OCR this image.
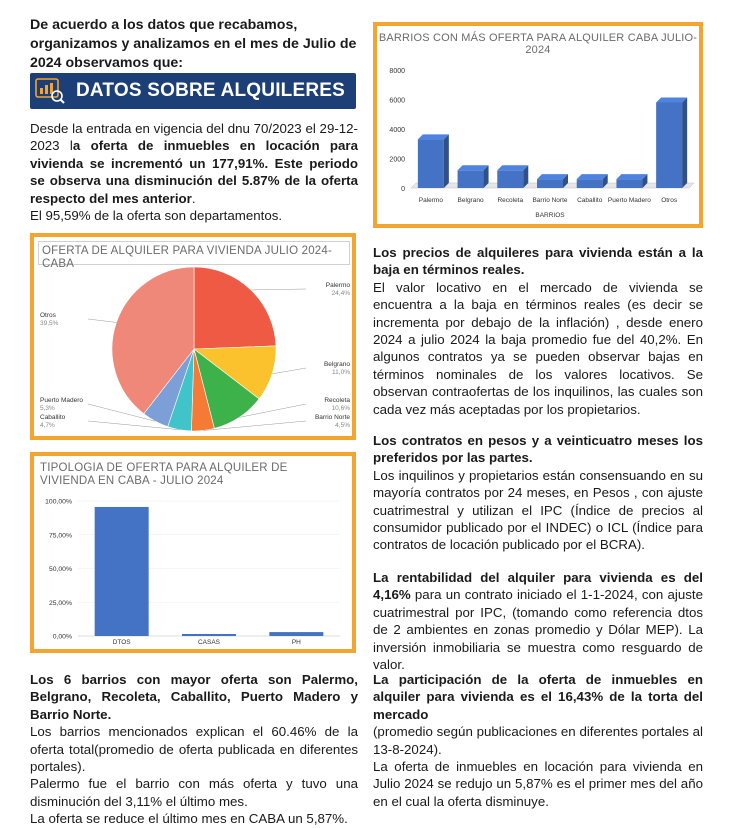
De acuerdo a los datos que recabamos, organizamos y analizamos en el mes de Julio de 2024 observamos que:

DATOS SOBRE ALQUILERES
Desde la entrada en vigencia del dnu 70/2023 el 29-12-2023 la oferta de inmuebles en locación para vivienda se incrementó un 177,91%. Este periodo se observa una disminución del 5.87% de la oferta respecto del mes anterior.
El 95,59% de la oferta son departamentos.
OFERTA DE ALQUILER PARA VIVIENDA JULIO 2024- CABA
Palermo
24,4%
Belgrano
11,0%
Recoleta
10,6%
Barrio Norte
4,5%
Caballito
4,7%
Puerto Madero
5,3%
Otros
39,5%
TIPOLOGIA DE OFERTA PARA ALQUILER DE VIVIENDA EN CABA - JULIO 2024
0,00%
25,00%
50,00%
75,00%
100,00%
DTOS	CASAS	PH

Los 6 barrios con mayor oferta son Palermo, Belgrano, Recoleta, Caballito, Puerto Madero y Barrio Norte.

Los barrios mencionados explican el 60.46% de la oferta total(promedio de oferta publicada en diferentes portales).

Palermo fue el barrio con más oferta y tuvo una disminución del 3,11% el último mes.

La oferta se reduce el último mes en CABA un 5,87%.

BARRIOS CON MÁS OFERTA PARA ALQUILER CABA JULIO-2024
0
2000
4000
6000
8000
Palermo Belgrano Recoleta Barrio Norte Caballito Puerto Madero Otros
BARRIOS

Los precios de alquileres para vivienda están a la baja en términos reales.

El valor locativo en el mercado de vivienda se encuentra a la baja en términos reales (es decir se incrementa por debajo de la inflación) , desde enero 2024 a julio 2024 la baja promedio fue del 40,2%. En algunos contratos ya se pueden observar bajas en términos nominales de los valores locativos. Se observan contraofertas de los inquilinos, las cuales son cada vez más aceptadas por los propietarios.

Los contratos en pesos y a veinticuatro meses los preferidos por las partes.

Los inquilinos y propietarios están consensuando en su mayoría contratos por 24 meses, en Pesos , con ajuste cuatrimestral y utilizan el IPC (Índice de precios al consumidor publicado por el INDEC) o ICL (Índice para contratos de locación publicado por el BCRA).

La rentabilidad del alquiler para vivienda es del 4,16% para un contrato iniciado el 1-1-2024, con ajuste cuatrimestral por IPC, (tomando como referencia dtos de 2 ambientes en zonas promedio y Dólar MEP). La inversión inmobiliaria se muestra como resguardo de valor.

La participación de la oferta de inmuebles en alquiler para vivienda es el 16,43% de la torta del mercado

(promedio según publicaciones en diferentes portales al 13-8-2024).

La oferta de inmuebles en locación para vivienda en Julio 2024 se redujo un 5,87% es el primer mes del año en el cual la oferta disminuye.
